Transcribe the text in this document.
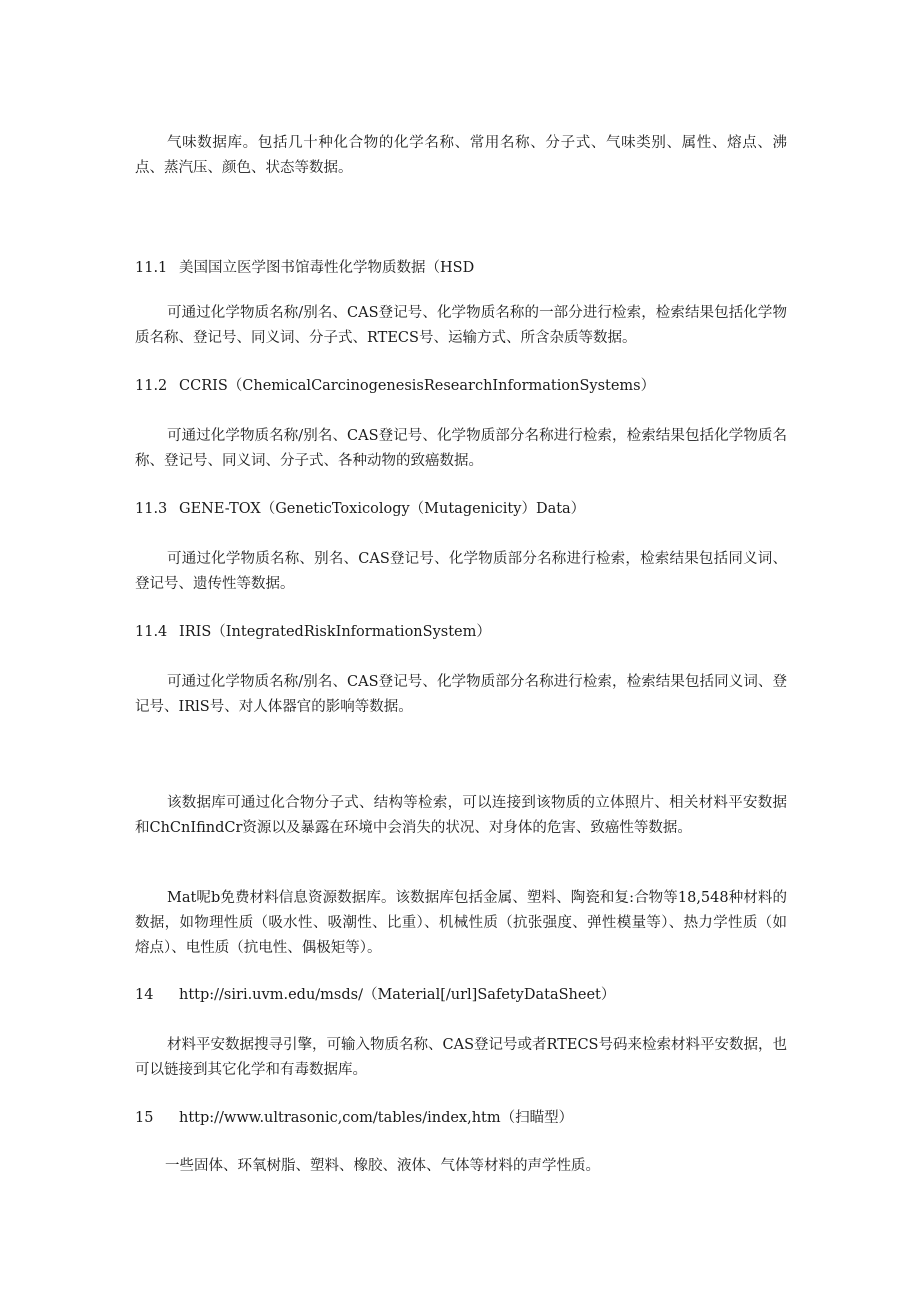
气味数据库。包括几十种化合物的化学名称、常用名称、分子式、气味类别、属性、熔点、沸点、蒸汽压、颜色、状态等数据。
11.1 美国国立医学图书馆毒性化学物质数据（HSD
可通过化学物质名称/别名、CAS登记号、化学物质名称的一部分进行检索，检索结果包括化学物质名称、登记号、同义词、分子式、RTECS号、运输方式、所含杂质等数据。
11.2 CCRIS（ChemicalCarcinogenesisResearchInformationSystems）
可通过化学物质名称/别名、CAS登记号、化学物质部分名称进行检索，检索结果包括化学物质名称、登记号、同义词、分子式、各种动物的致癌数据。
11.3 GENE-TOX（GeneticToxicology（Mutagenicity）Data）
可通过化学物质名称、别名、CAS登记号、化学物质部分名称进行检索，检索结果包括同义词、登记号、遗传性等数据。
11.4 IRIS（IntegratedRiskInformationSystem）
可通过化学物质名称/别名、CAS登记号、化学物质部分名称进行检索，检索结果包括同义词、登记号、IRlS号、对人体器官的影响等数据。
该数据库可通过化合物分子式、结构等检索，可以连接到该物质的立体照片、相关材料平安数据和ChCnIfindCr资源以及暴露在环境中会消失的状况、对身体的危害、致癌性等数据。
Mat呢b免费材料信息资源数据库。该数据库包括金属、塑料、陶瓷和复:合物等18,548种材料的数据，如物理性质（吸水性、吸潮性、比重）、机械性质（抗张强度、弹性模量等）、热力学性质（如熔点）、电性质（抗电性、偶极矩等）。
14 http://siri.uvm.edu∕msds∕（Material[∕url]SafetyDataSheet）
材料平安数据搜寻引擎，可输入物质名称、CAS登记号或者RTECS号码来检索材料平安数据，也可以链接到其它化学和有毒数据库。
15 http://www.ultrasonic,com∕tables∕index,htm（扫瞄型）
一些固体、环氧树脂、塑料、橡胶、液体、气体等材料的声学性质。
